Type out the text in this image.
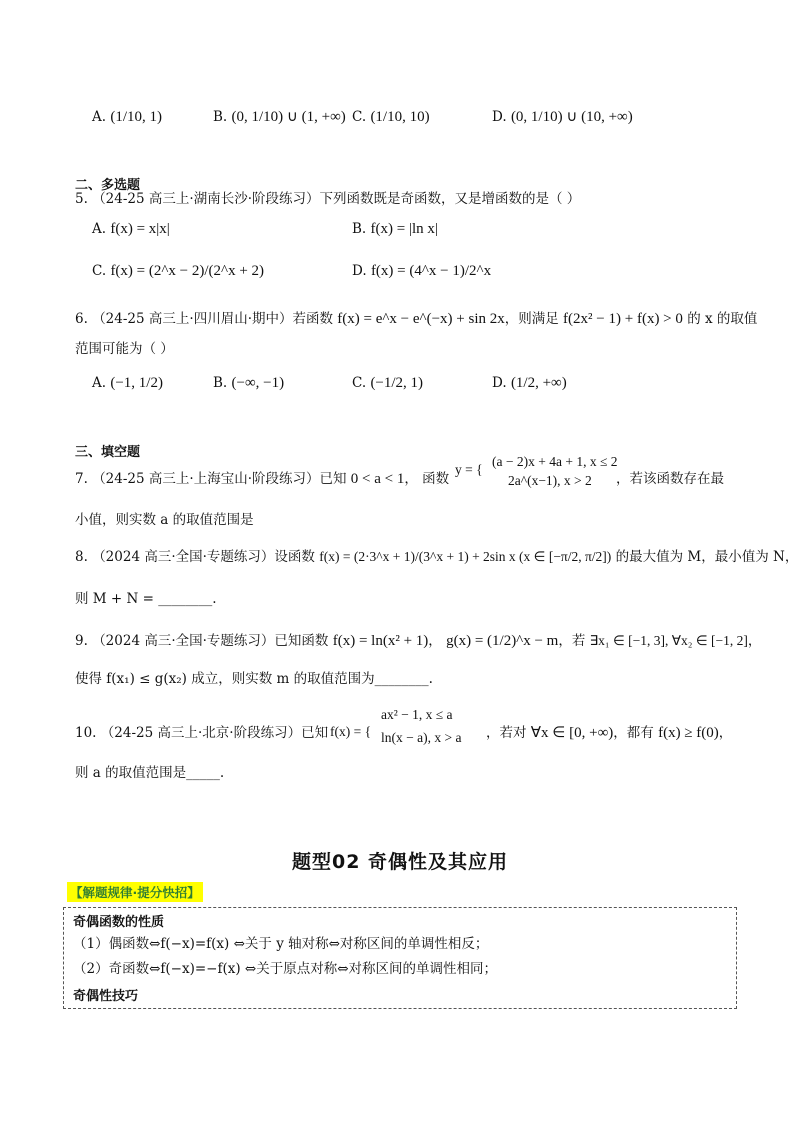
A. (1/10, 1)	B. (0, 1/10) ∪ (1, +∞) C. (1/10, 10)	D. (0, 1/10) ∪ (10, +∞)
二、多选题
5. （24-25 高三上·湖南长沙·阶段练习）下列函数既是奇函数，又是增函数的是（ ）
A. f(x) = x|x|	B. f(x) = |ln x|
C. f(x) = (2^x − 2)/(2^x + 2)	D. f(x) = (4^x − 1)/2^x
6. （24-25 高三上·四川眉山·期中）若函数 f(x) = e^x − e^(−x) + sin 2x，则满足 f(2x² − 1) + f(x) > 0 的 x 的取值
范围可能为（ ）
A. (−1, 1/2)	B. (−∞, −1)	C. (−1/2, 1)	D. (1/2, +∞)
三、填空题
7. （24-25 高三上·上海宝山·阶段练习）已知 0 < a < 1， 函数
y = {
(a − 2)x + 4a + 1, x ≤ 2
2a^(x−1), x > 2 ，若该函数存在最
小值，则实数 a 的取值范围是
8. （2024 高三·全国·专题练习）设函数 f(x) = (2·3^x + 1)/(3^x + 1) + 2sin x (x ∈ [−π/2, π/2]) 的最大值为 M，最小值为 N，
则 M + N = ________.
9. （2024 高三·全国·专题练习）已知函数 f(x) = ln(x² + 1)， g(x) = (1/2)^x − m，若 ∃x₁ ∈ [−1, 3], ∀x₂ ∈ [−1, 2]，
使得 f(x₁) ≤ g(x₂) 成立，则实数 m 的取值范围为________.
10. （24-25 高三上·北京·阶段练习）已知 f(x) = {
ax² − 1, x ≤ a
ln(x − a), x > a ，若对 ∀x ∈ [0, +∞)，都有 f(x) ≥ f(0)，
则 a 的取值范围是_____.
题型02 奇偶性及其应用
【解题规律·提分快招】
奇偶函数的性质
（1）偶函数⇔f(−x)=f(x) ⇔关于 y 轴对称⇔对称区间的单调性相反；
（2）奇函数⇔f(−x)=−f(x) ⇔关于原点对称⇔对称区间的单调性相同；
奇偶性技巧
